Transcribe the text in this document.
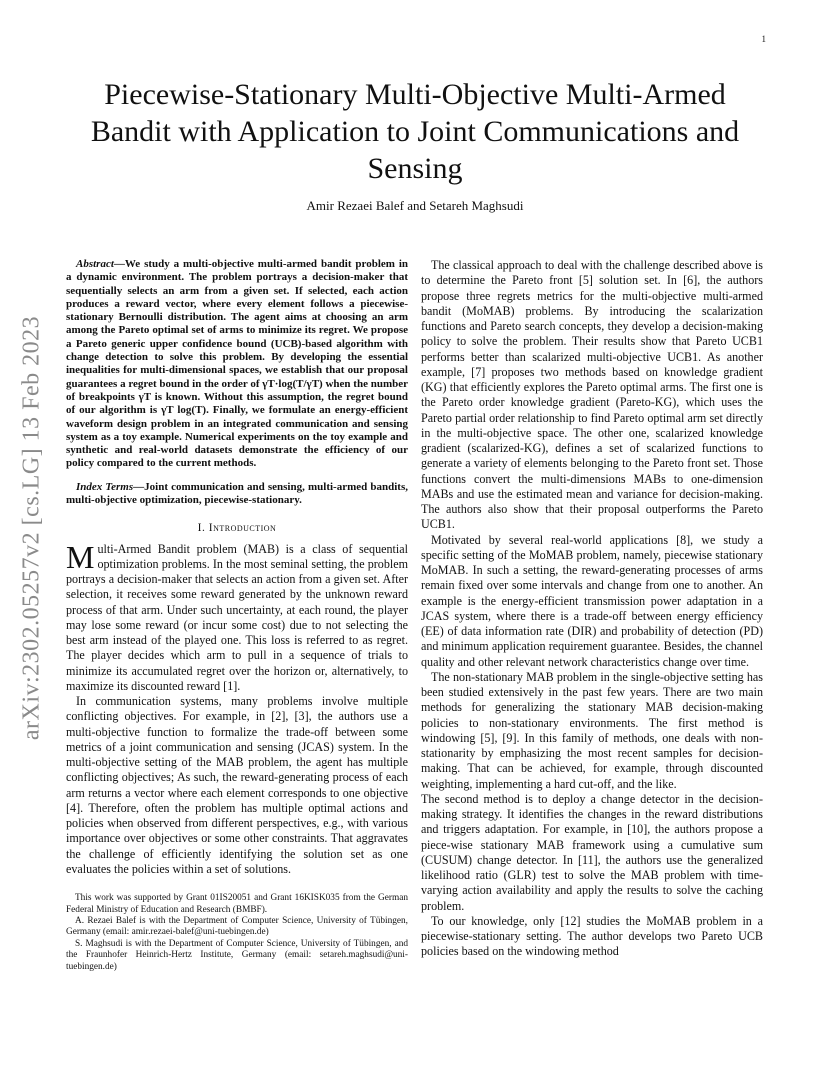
1
arXiv:2302.05257v2 [cs.LG] 13 Feb 2023
Piecewise-Stationary Multi-Objective Multi-Armed Bandit with Application to Joint Communications and Sensing
Amir Rezaei Balef and Setareh Maghsudi

Abstract—We study a multi-objective multi-armed bandit problem in a dynamic environment. The problem portrays a decision-maker that sequentially selects an arm from a given set. If selected, each action produces a reward vector, where every element follows a piecewise-stationary Bernoulli distribution. The agent aims at choosing an arm among the Pareto optimal set of arms to minimize its regret. We propose a Pareto generic upper confidence bound (UCB)-based algorithm with change detection to solve this problem. By developing the essential inequalities for multi-dimensional spaces, we establish that our proposal guarantees a regret bound in the order of γT·log(T/γT) when the number of breakpoints γT is known. Without this assumption, the regret bound of our algorithm is γT log(T). Finally, we formulate an energy-efficient waveform design problem in an integrated communication and sensing system as a toy example. Numerical experiments on the toy example and synthetic and real-world datasets demonstrate the efficiency of our policy compared to the current methods.

Index Terms—Joint communication and sensing, multi-armed bandits, multi-objective optimization, piecewise-stationary.

I. Introduction

Multi-Armed Bandit problem (MAB) is a class of sequential optimization problems. In the most seminal setting, the problem portrays a decision-maker that selects an action from a given set. After selection, it receives some reward generated by the unknown reward process of that arm. Under such uncertainty, at each round, the player may lose some reward (or incur some cost) due to not selecting the best arm instead of the played one. This loss is referred to as regret. The player decides which arm to pull in a sequence of trials to minimize its accumulated regret over the horizon or, alternatively, to maximize its discounted reward [1].

In communication systems, many problems involve multiple conflicting objectives. For example, in [2], [3], the authors use a multi-objective function to formalize the trade-off between some metrics of a joint communication and sensing (JCAS) system. In the multi-objective setting of the MAB problem, the agent has multiple conflicting objectives; As such, the reward-generating process of each arm returns a vector where each element corresponds to one objective [4]. Therefore, often the problem has multiple optimal actions and policies when observed from different perspectives, e.g., with various importance over objectives or some other constraints. That aggravates the challenge of efficiently identifying the solution set as one evaluates the policies within a set of solutions.

This work was supported by Grant 01IS20051 and Grant 16KISK035 from the German Federal Ministry of Education and Research (BMBF).

A. Rezaei Balef is with the Department of Computer Science, University of Tübingen, Germany (email: amir.rezaei-balef@uni-tuebingen.de)

S. Maghsudi is with the Department of Computer Science, University of Tübingen, and the Fraunhofer Heinrich-Hertz Institute, Germany (email: setareh.maghsudi@uni-tuebingen.de)

The classical approach to deal with the challenge described above is to determine the Pareto front [5] solution set. In [6], the authors propose three regrets metrics for the multi-objective multi-armed bandit (MoMAB) problems. By introducing the scalarization functions and Pareto search concepts, they develop a decision-making policy to solve the problem. Their results show that Pareto UCB1 performs better than scalarized multi-objective UCB1. As another example, [7] proposes two methods based on knowledge gradient (KG) that efficiently explores the Pareto optimal arms. The first one is the Pareto order knowledge gradient (Pareto-KG), which uses the Pareto partial order relationship to find Pareto optimal arm set directly in the multi-objective space. The other one, scalarized knowledge gradient (scalarized-KG), defines a set of scalarized functions to generate a variety of elements belonging to the Pareto front set. Those functions convert the multi-dimensions MABs to one-dimension MABs and use the estimated mean and variance for decision-making. The authors also show that their proposal outperforms the Pareto UCB1.

Motivated by several real-world applications [8], we study a specific setting of the MoMAB problem, namely, piecewise stationary MoMAB. In such a setting, the reward-generating processes of arms remain fixed over some intervals and change from one to another. An example is the energy-efficient transmission power adaptation in a JCAS system, where there is a trade-off between energy efficiency (EE) of data information rate (DIR) and probability of detection (PD) and minimum application requirement guarantee. Besides, the channel quality and other relevant network characteristics change over time.

The non-stationary MAB problem in the single-objective setting has been studied extensively in the past few years. There are two main methods for generalizing the stationary MAB decision-making policies to non-stationary environments. The first method is windowing [5], [9]. In this family of methods, one deals with non-stationarity by emphasizing the most recent samples for decision-making. That can be achieved, for example, through discounted weighting, implementing a hard cut-off, and the like.

The second method is to deploy a change detector in the decision-making strategy. It identifies the changes in the reward distributions and triggers adaptation. For example, in [10], the authors propose a piece-wise stationary MAB framework using a cumulative sum (CUSUM) change detector. In [11], the authors use the generalized likelihood ratio (GLR) test to solve the MAB problem with time-varying action availability and apply the results to solve the caching problem.

To our knowledge, only [12] studies the MoMAB problem in a piecewise-stationary setting. The author develops two Pareto UCB policies based on the windowing method
